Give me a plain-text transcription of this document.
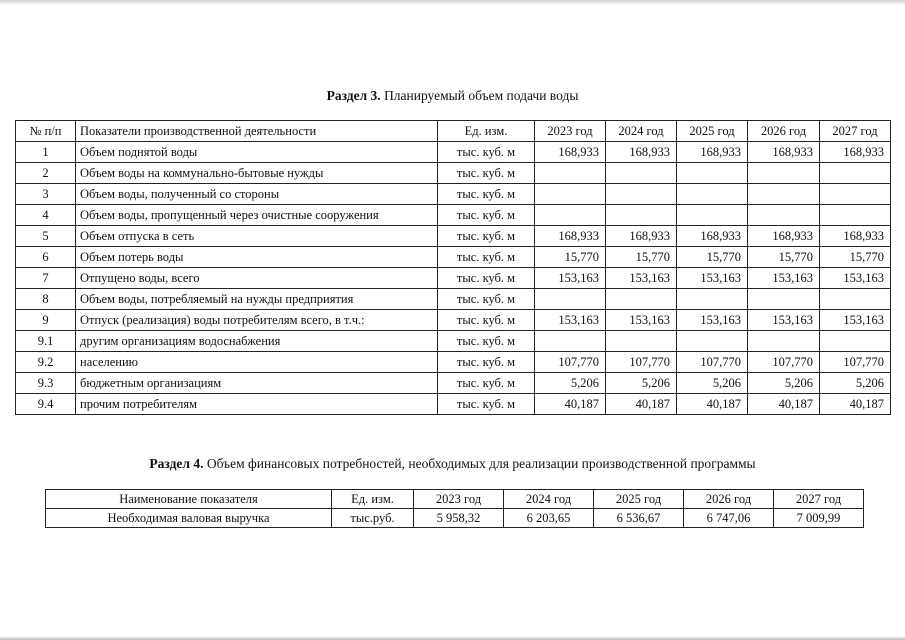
Раздел 3. Планируемый объем подачи воды
№ п/п	Показатели производственной деятельности	Ед. изм.	2023 год	2024 год	2025 год	2026 год	2027 год
1	Объем поднятой воды	тыс. куб. м	168,933	168,933	168,933	168,933	168,933
2	Объем воды на коммунально-бытовые нужды	тыс. куб. м					
3	Объем воды, полученный со стороны	тыс. куб. м					
4	Объем воды, пропущенный через очистные сооружения	тыс. куб. м					
5	Объем отпуска в сеть	тыс. куб. м	168,933	168,933	168,933	168,933	168,933
6	Объем потерь воды	тыс. куб. м	15,770	15,770	15,770	15,770	15,770
7	Отпущено воды, всего	тыс. куб. м	153,163	153,163	153,163	153,163	153,163
8	Объем воды, потребляемый на нужды предприятия	тыс. куб. м					
9	Отпуск (реализация) воды потребителям всего, в т.ч.:	тыс. куб. м	153,163	153,163	153,163	153,163	153,163
9.1	другим организациям водоснабжения	тыс. куб. м					
9.2	населению	тыс. куб. м	107,770	107,770	107,770	107,770	107,770
9.3	бюджетным организациям	тыс. куб. м	5,206	5,206	5,206	5,206	5,206
9.4	прочим потребителям	тыс. куб. м	40,187	40,187	40,187	40,187	40,187
Раздел 4. Объем финансовых потребностей, необходимых для реализации производственной программы
Наименование показателя	Ед. изм.	2023 год	2024 год	2025 год	2026 год	2027 год
Необходимая валовая выручка	тыс.руб.	5 958,32	6 203,65	6 536,67	6 747,06	7 009,99
